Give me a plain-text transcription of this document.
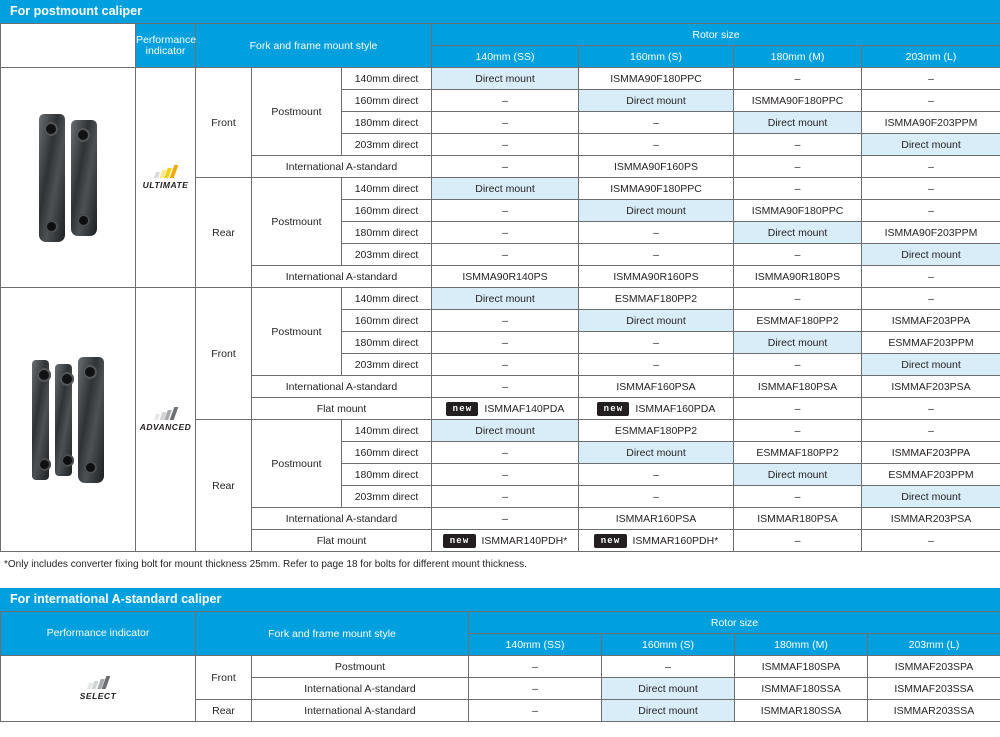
For postmount caliper
	Performance indicator	Fork and frame mount style			Rotor size			
					140mm (SS)	160mm (S)	180mm (M)	203mm (L)

	ULTIMATE	Front	Postmount	140mm direct	Direct mount	ISMMA90F180PPC	–	–
				160mm direct	–	Direct mount	ISMMA90F180PPC	–
				180mm direct	–	–	Direct mount	ISMMA90F203PPM
				203mm direct	–	–	–	Direct mount
			International A-standard		–	ISMMA90F160PS	–	–
		Rear	Postmount	140mm direct	Direct mount	ISMMA90F180PPC	–	–
				160mm direct	–	Direct mount	ISMMA90F180PPC	–
				180mm direct	–	–	Direct mount	ISMMA90F203PPM
				203mm direct	–	–	–	Direct mount
			International A-standard		ISMMA90R140PS	ISMMA90R160PS	ISMMA90R180PS	–

	ADVANCED	Front	Postmount	140mm direct	Direct mount	ESMMAF180PP2	–	–
				160mm direct	–	Direct mount	ESMMAF180PP2	ISMMAF203PPA
				180mm direct	–	–	Direct mount	ESMMAF203PPM
				203mm direct	–	–	–	Direct mount
			International A-standard		–	ISMMAF160PSA	ISMMAF180PSA	ISMMAF203PSA
			Flat mount		new ISMMAF140PDA	new ISMMAF160PDA	–	–
		Rear	Postmount	140mm direct	Direct mount	ESMMAF180PP2	–	–
				160mm direct	–	Direct mount	ESMMAF180PP2	ISMMAF203PPA
				180mm direct	–	–	Direct mount	ESMMAF203PPM
				203mm direct	–	–	–	Direct mount
			International A-standard		–	ISMMAR160PSA	ISMMAR180PSA	ISMMAR203PSA
			Flat mount		new ISMMAR140PDH*	new ISMMAR160PDH*	–	–
*Only includes converter fixing bolt for mount thickness 25mm. Refer to page 18 for bolts for different mount thickness.
For international A-standard caliper
Performance indicator	Fork and frame mount style		Rotor size			
			140mm (SS)	160mm (S)	180mm (M)	203mm (L)

SELECT	Front	Postmount	–	–	ISMMAF180SPA	ISMMAF203SPA
		International A-standard	–	Direct mount	ISMMAF180SSA	ISMMAF203SSA
	Rear	International A-standard	–	Direct mount	ISMMAR180SSA	ISMMAR203SSA
